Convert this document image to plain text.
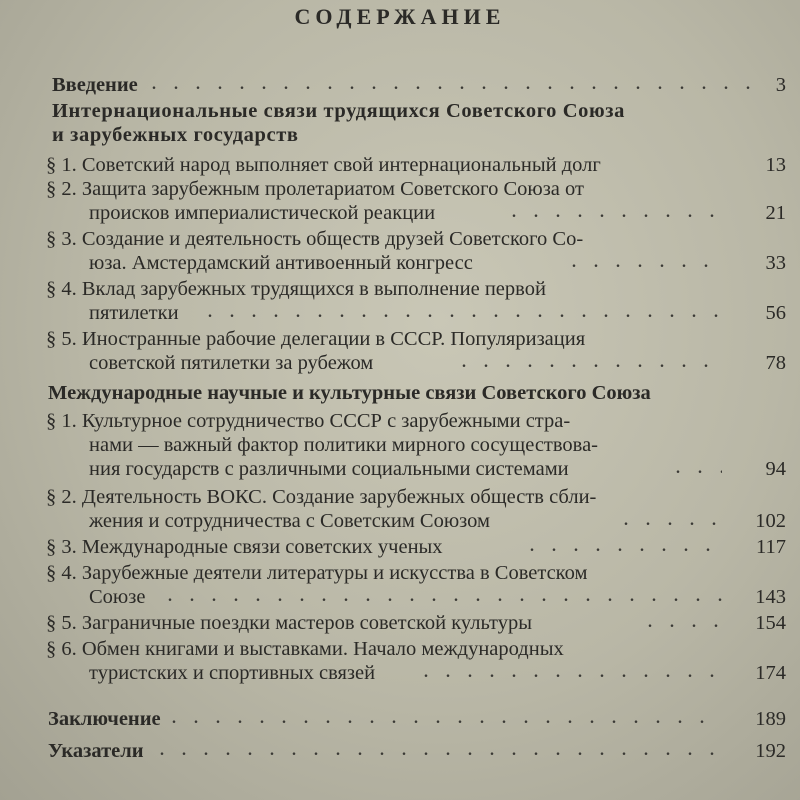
СОДЕРЖАНИЕ
Введение . . .	3
Интернациональные связи трудящихся Советского Союза
и зарубежных государств
§ 1. Советский народ выполняет свой интернациональный долг	13
§ 2. Защита зарубежным пролетариатом Советского Союза от
происков империалистической реакции . . .	21
§ 3. Создание и деятельность обществ друзей Советского Со-
юза. Амстердамский антивоенный конгресс . . .	33
§ 4. Вклад зарубежных трудящихся в выполнение первой
пятилетки . . .	56
§ 5. Иностранные рабочие делегации в СССР. Популяризация
советской пятилетки за рубежом . . .	78
Международные научные и культурные связи Советского Союза
§ 1. Культурное сотрудничество СССР с зарубежными стра-
нами — важный фактор политики мирного сосуществова-
ния государств с различными социальными системами . . .	94
§ 2. Деятельность ВОКС. Создание зарубежных обществ сбли-
жения и сотрудничества с Советским Союзом . . .	102
§ 3. Международные связи советских ученых . . .	117
§ 4. Зарубежные деятели литературы и искусства в Советском
Союзе . . .	143
§ 5. Заграничные поездки мастеров советской культуры . . .	154
§ 6. Обмен книгами и выставками. Начало международных
туристских и спортивных связей . . .	174
Заключение . . .	189
Указатели . . .	192
